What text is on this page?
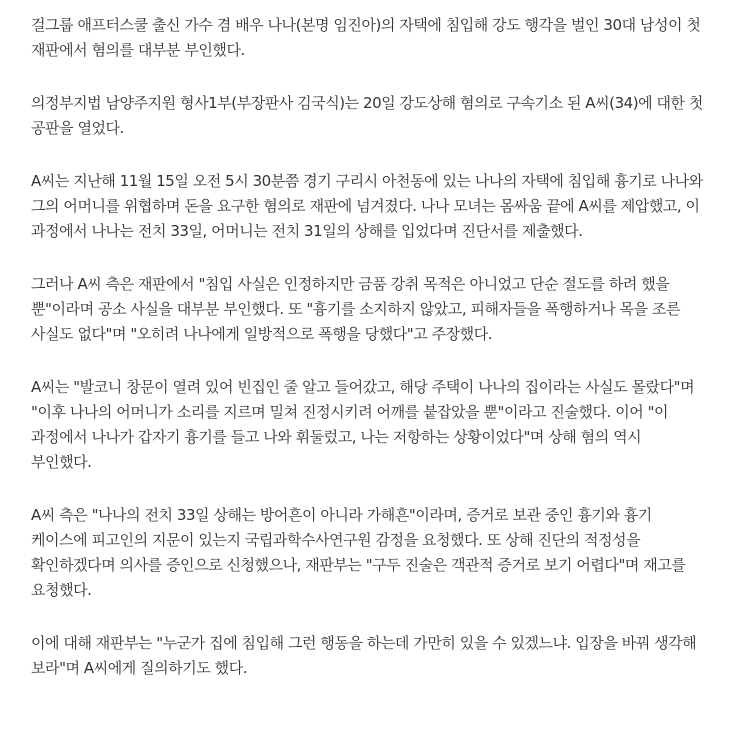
걸그룹 애프터스쿨 출신 가수 겸 배우 나나(본명 임진아)의 자택에 침입해 강도 행각을 벌인 30대 남성이 첫 재판에서 혐의를 대부분 부인했다.

의정부지법 남양주지원 형사1부(부장판사 김국식)는 20일 강도상해 혐의로 구속기소 된 A씨(34)에 대한 첫 공판을 열었다.

A씨는 지난해 11월 15일 오전 5시 30분쯤 경기 구리시 아천동에 있는 나나의 자택에 침입해 흉기로 나나와 그의 어머니를 위협하며 돈을 요구한 혐의로 재판에 넘겨졌다. 나나 모녀는 몸싸움 끝에 A씨를 제압했고, 이 과정에서 나나는 전치 33일, 어머니는 전치 31일의 상해를 입었다며 진단서를 제출했다.

그러나 A씨 측은 재판에서 "침입 사실은 인정하지만 금품 강취 목적은 아니었고 단순 절도를 하려 했을 뿐"이라며 공소 사실을 대부분 부인했다. 또 "흉기를 소지하지 않았고, 피해자들을 폭행하거나 목을 조른 사실도 없다"며 "오히려 나나에게 일방적으로 폭행을 당했다"고 주장했다.

A씨는 "발코니 창문이 열려 있어 빈집인 줄 알고 들어갔고, 해당 주택이 나나의 집이라는 사실도 몰랐다"며 "이후 나나의 어머니가 소리를 지르며 밀쳐 진정시키려 어깨를 붙잡았을 뿐"이라고 진술했다. 이어 "이 과정에서 나나가 갑자기 흉기를 들고 나와 휘둘렀고, 나는 저항하는 상황이었다"며 상해 혐의 역시 부인했다.

A씨 측은 "나나의 전치 33일 상해는 방어흔이 아니라 가해흔"이라며, 증거로 보관 중인 흉기와 흉기 케이스에 피고인의 지문이 있는지 국립과학수사연구원 감정을 요청했다. 또 상해 진단의 적정성을 확인하겠다며 의사를 증인으로 신청했으나, 재판부는 "구두 진술은 객관적 증거로 보기 어렵다"며 재고를 요청했다.

이에 대해 재판부는 "누군가 집에 침입해 그런 행동을 하는데 가만히 있을 수 있겠느냐. 입장을 바꿔 생각해 보라"며 A씨에게 질의하기도 했다.
